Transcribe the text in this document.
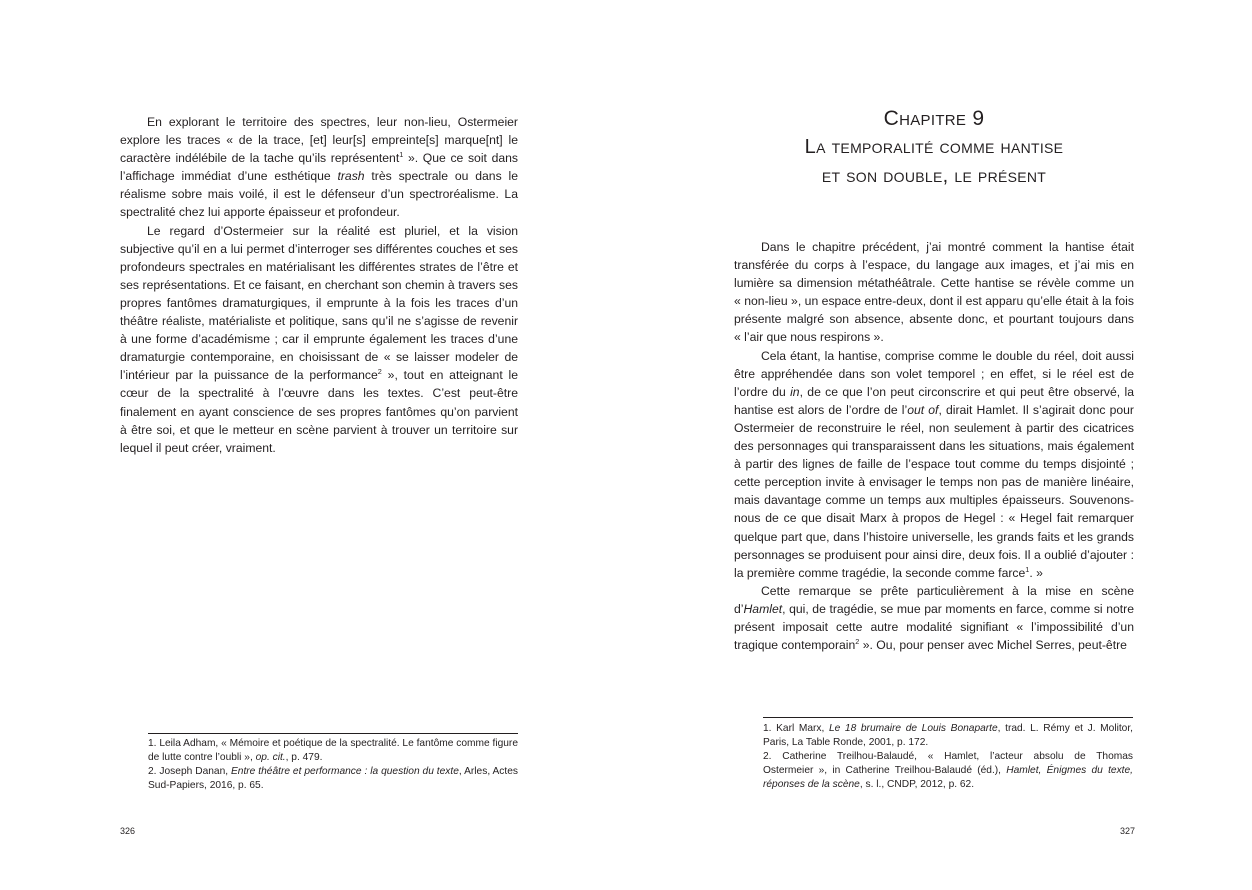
En explorant le territoire des spectres, leur non-lieu, Ostermeier explore les traces « de la trace, [et] leur[s] empreinte[s] marque[nt] le caractère indélébile de la tache qu’ils représentent$^1$ ». Que ce soit dans l’affichage immédiat d’une esthétique trash très spectrale ou dans le réalisme sobre mais voilé, il est le défenseur d’un spectroréalisme. La spectralité chez lui apporte épaisseur et profondeur.

Le regard d’Ostermeier sur la réalité est pluriel, et la vision subjective qu’il en a lui permet d’interroger ses différentes couches et ses profondeurs spectrales en matérialisant les différentes strates de l’être et ses représentations. Et ce faisant, en cherchant son chemin à travers ses propres fantômes dramaturgiques, il emprunte à la fois les traces d’un théâtre réaliste, matérialiste et politique, sans qu’il ne s’agisse de revenir à une forme d’académisme ; car il emprunte également les traces d’une dramaturgie contemporaine, en choisissant de « se laisser modeler de l’intérieur par la puissance de la performance$^2$ », tout en atteignant le cœur de la spectralité à l’œuvre dans les textes. C’est peut-être finalement en ayant conscience de ses propres fantômes qu’on parvient à être soi, et que le metteur en scène parvient à trouver un territoire sur lequel il peut créer, vraiment.

1. Leila Adham, « Mémoire et poétique de la spectralité. Le fantôme comme figure de lutte contre l’oubli », op. cit., p. 479.

2. Joseph Danan, Entre théâtre et performance : la question du texte, Arles, Actes Sud-Papiers, 2016, p. 65.

326
Chapitre 9
La temporalité comme hantise
et son double, le présent

Dans le chapitre précédent, j’ai montré comment la hantise était transférée du corps à l’espace, du langage aux images, et j’ai mis en lumière sa dimension métathéâtrale. Cette hantise se révèle comme un « non-lieu », un espace entre-deux, dont il est apparu qu’elle était à la fois présente malgré son absence, absente donc, et pourtant toujours dans « l’air que nous respirons ».

Cela étant, la hantise, comprise comme le double du réel, doit aussi être appréhendée dans son volet temporel ; en effet, si le réel est de l’ordre du in, de ce que l’on peut circonscrire et qui peut être observé, la hantise est alors de l’ordre de l’out of, dirait Hamlet. Il s’agirait donc pour Ostermeier de reconstruire le réel, non seulement à partir des cicatrices des personnages qui transparaissent dans les situations, mais également à partir des lignes de faille de l’espace tout comme du temps disjointé ; cette perception invite à envisager le temps non pas de manière linéaire, mais davantage comme un temps aux multiples épaisseurs. Souvenons-nous de ce que disait Marx à propos de Hegel : « Hegel fait remarquer quelque part que, dans l’histoire universelle, les grands faits et les grands personnages se produisent pour ainsi dire, deux fois. Il a oublié d’ajouter : la première comme tragédie, la seconde comme farce$^1$. »

Cette remarque se prête particulièrement à la mise en scène d’Hamlet, qui, de tragédie, se mue par moments en farce, comme si notre présent imposait cette autre modalité signifiant « l’impossibilité d’un tragique contemporain$^2$ ». Ou, pour penser avec Michel Serres, peut-être

1. Karl Marx, Le 18 brumaire de Louis Bonaparte, trad. L. Rémy et J. Molitor, Paris, La Table Ronde, 2001, p. 172.

2. Catherine Treilhou-Balaudé, « Hamlet, l’acteur absolu de Thomas Ostermeier », in Catherine Treilhou-Balaudé (éd.), Hamlet, Énigmes du texte, réponses de la scène, s. l., CNDP, 2012, p. 62.

327
